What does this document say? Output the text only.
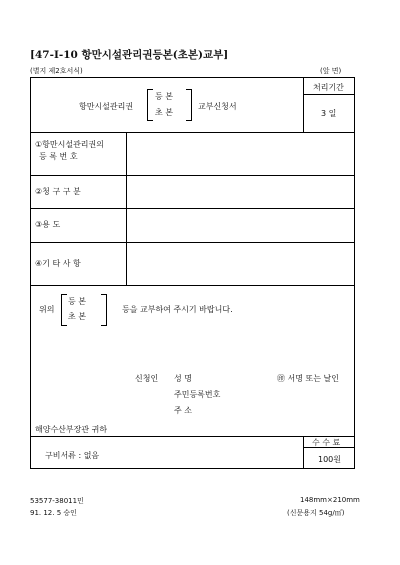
[47-I-10 항만시설관리권등본(초본)교부]
(별지 제2호서식)	(앞 면)
항만시설관리권
등 본
초 본
교부신청서
처리기간
3 일
①항만시설관리권의
등 록 번 호
②청 구 구 분
③용 도
④기 타 사 항
위의
등 본
초 본
등을 교부하여 주시기 바랍니다.
신청인 성 명	㊞ 서명 또는 날인
주민등록번호
주 소
해양수산부장관 귀하
구비서류 : 없음
수 수 료
100원
53577-38011민
91. 12. 5 승인
148mm×210mm
(신문용지 54g/㎡)
